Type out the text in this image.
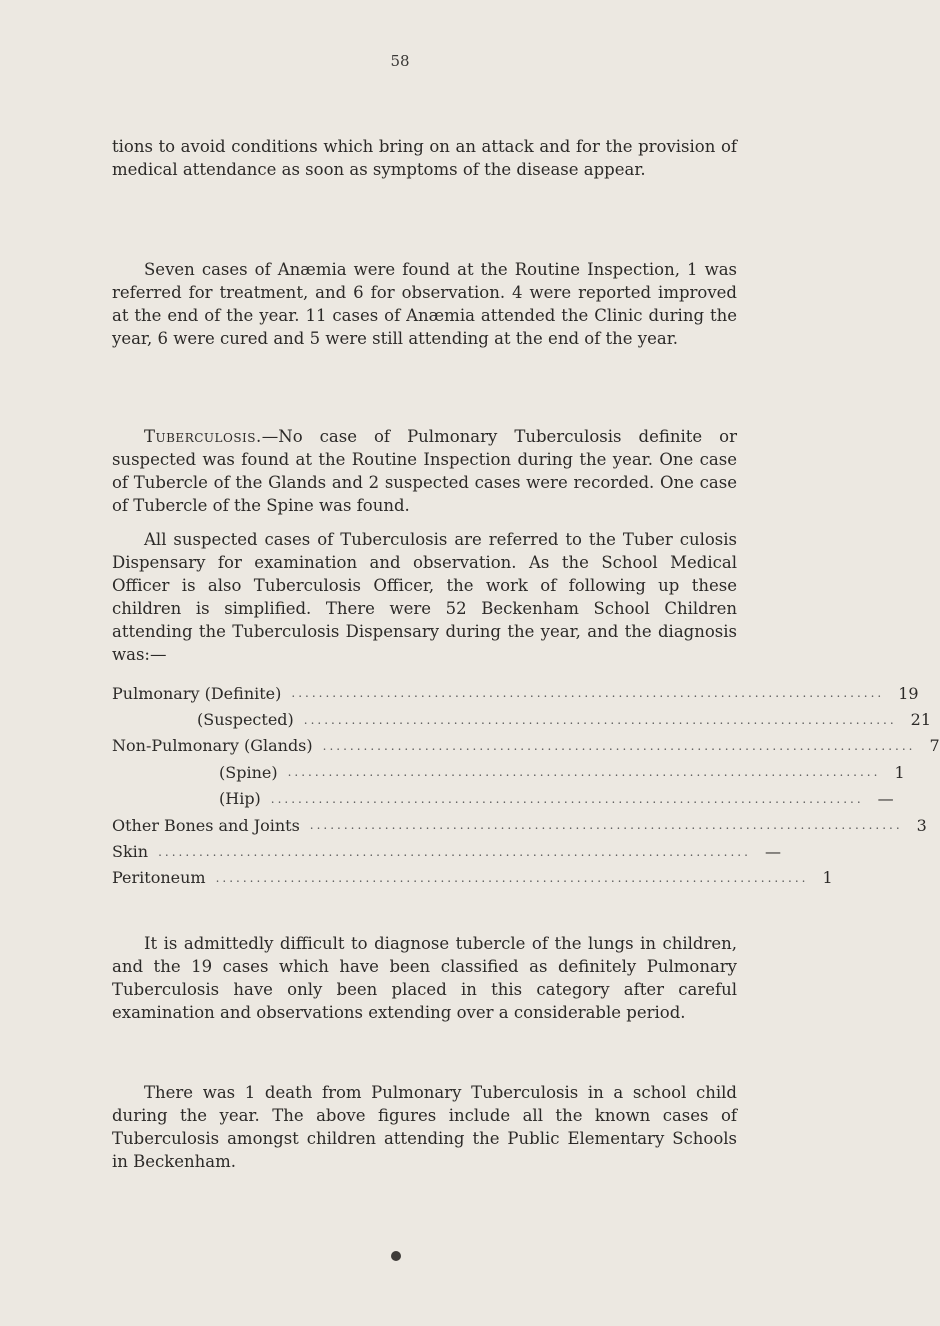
58

tions to avoid conditions which bring on an attack and for the provision of medical attendance as soon as symptoms of the disease appear.

Seven cases of Anæmia were found at the Routine Inspection, 1 was referred for treatment, and 6 for observation. 4 were reported improved at the end of the year. 11 cases of Anæmia attended the Clinic during the year, 6 were cured and 5 were still attending at the end of the year.

Tuberculosis.—No case of Pulmonary Tuberculosis definite or suspected was found at the Routine Inspection during the year. One case of Tubercle of the Glands and 2 suspected cases were recorded. One case of Tubercle of the Spine was found.

All suspected cases of Tuberculosis are referred to the Tuber culosis Dispensary for examination and observation. As the School Medical Officer is also Tuberculosis Officer, the work of following up these children is simplified. There were 52 Beckenham School Children attending the Tuberculosis Dispensary during the year, and the diagnosis was:—

Pulmonary (Definite) ....................................................................................... 19
(Suspected) ....................................................................................... 21
Non-Pulmonary (Glands) ....................................................................................... 7
(Spine) ....................................................................................... 1
(Hip) ....................................................................................... —
Other Bones and Joints ....................................................................................... 3
Skin ....................................................................................... —
Peritoneum ....................................................................................... 1

It is admittedly difficult to diagnose tubercle of the lungs in children, and the 19 cases which have been classified as definitely Pulmonary Tuberculosis have only been placed in this category after careful examination and observations extending over a considerable period.

There was 1 death from Pulmonary Tuberculosis in a school child during the year. The above figures include all the known cases of Tuberculosis amongst children attending the Public Elementary Schools in Beckenham.
